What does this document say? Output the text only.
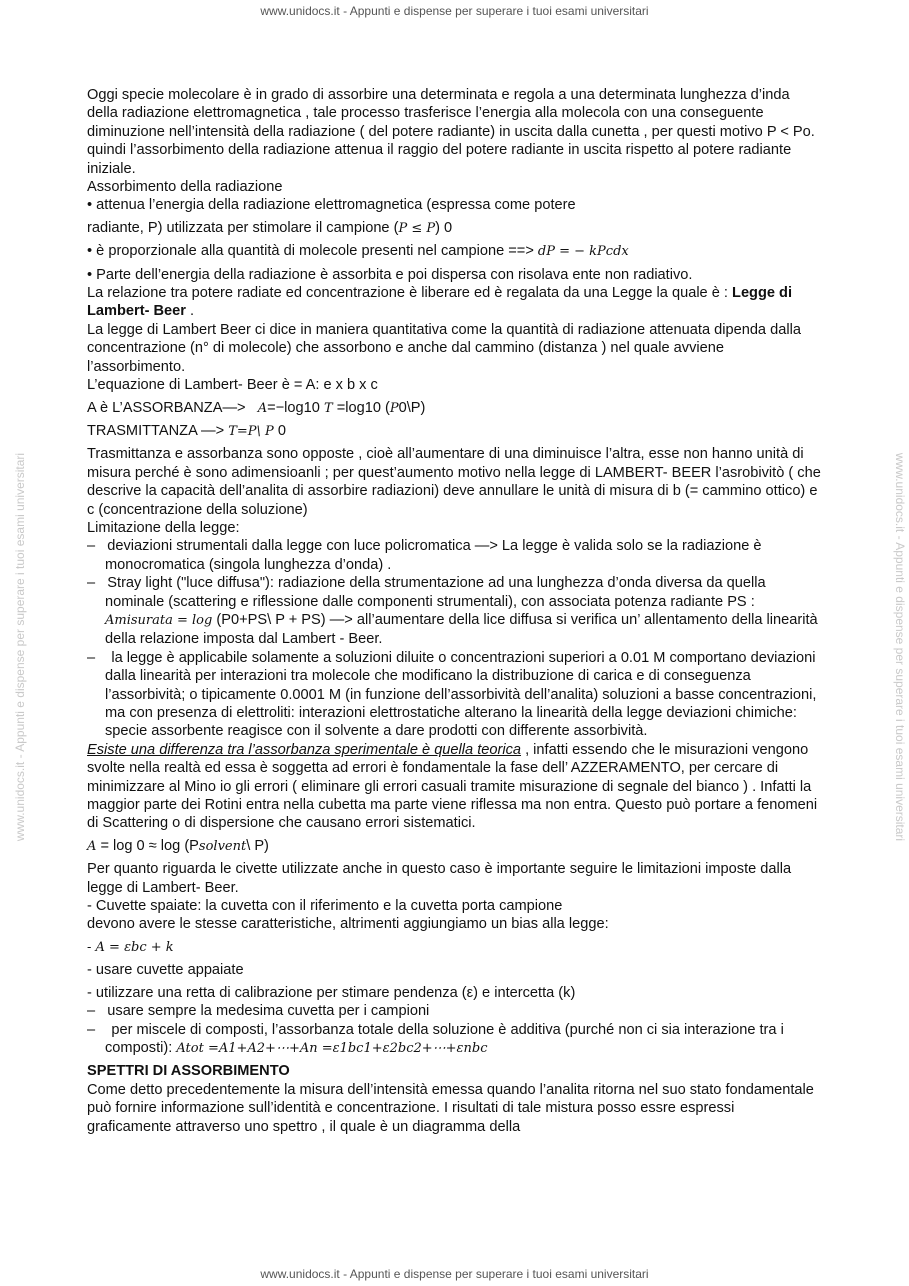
www.unidocs.it - Appunti e dispense per superare i tuoi esami universitari
www.unidocs.it - Appunti e dispense per superare i tuoi esami universitari	www.unidocs.it - Appunti e dispense per superare i tuoi esami universitari

Oggi specie molecolare è in grado di assorbire una determinata e regola a una determinata lunghezza d’inda della radiazione elettromagnetica , tale processo trasferisce l’energia alla molecola con una conseguente diminuzione nell’intensità della radiazione ( del potere radiante) in uscita dalla cunetta , per questi motivo P < Po. quindi l’assorbimento della radiazione attenua il raggio del potere radiante in uscita rispetto al potere radiante iniziale.

Assorbimento della radiazione

• attenua l’energia della radiazione elettromagnetica (espressa come potere

radiante, P) utilizzata per stimolare il campione (P ≤ P) 0

• è proporzionale alla quantità di molecole presenti nel campione ==> dP = − kPcdx

• Parte dell’energia della radiazione è assorbita e poi dispersa con risolava ente non radiativo.

La relazione tra potere radiate ed concentrazione è liberare ed è regalata da una Legge la quale è : Legge di Lambert- Beer .

La legge di Lambert Beer ci dice in maniera quantitativa come la quantità di radiazione attenuata dipenda dalla concentrazione (n° di molecole) che assorbono e anche dal cammino (distanza ) nel quale avviene l’assorbimento.

L’equazione di Lambert- Beer è = A: e x b x c

A è L’ASSORBANZA—> A=−log10 T =log10 (P0\P)

TRASMITTANZA —> T=P\ P 0

Trasmittanza e assorbanza sono opposte , cioè all’aumentare di una diminuisce l’altra, esse non hanno unità di misura perché è sono adimensioanli ; per quest’aumento motivo nella legge di LAMBERT- BEER l’asrobivitò ( che descrive la capacità dell’analita di assorbire radiazioni) deve annullare le unità di misura di b (= cammino ottico) e c (concentrazione della soluzione)

Limitazione della legge:

–   deviazioni strumentali dalla legge con luce policromatica —> La legge è valida solo se la radiazione è monocromatica (singola lunghezza d’onda) .

–   Stray light ("luce diffusa"): radiazione della strumentazione ad una lunghezza d’onda diversa da quella nominale (scattering e riflessione dalle componenti strumentali), con associata potenza radiante PS : Amisurata = log (P0+PS\ P + PS) —> all’aumentare della lice diffusa si verifica un’ allentamento della linearità della relazione imposta dal Lambert - Beer.

–    la legge è applicabile solamente a soluzioni diluite o concentrazioni superiori a 0.01 M comportano deviazioni dalla linearità per interazioni tra molecole che modificano la distribuzione di carica e di conseguenza l’assorbività; o tipicamente 0.0001 M (in funzione dell’assorbività dell’analita) soluzioni a basse concentrazioni, ma con presenza di elettroliti: interazioni elettrostatiche alterano la linearità della legge deviazioni chimiche: specie assorbente reagisce con il solvente a dare prodotti con differente assorbività.

Esiste una differenza tra l’assorbanza sperimentale è quella teorica , infatti essendo che le misurazioni vengono svolte nella realtà ed essa è soggetta ad errori è fondamentale la fase dell’ AZZERAMENTO, per cercare di minimizzare al Mino io gli errori ( eliminare gli errori casuali tramite misurazione di segnale del bianco ) . Infatti la maggior parte dei Rotini entra nella cubetta ma parte viene riflessa ma non entra. Questo può portare a fenomeni di Scattering o di dispersione che causano errori sistematici.

A = log 0 ≈ log (Psolvent\ P)

Per quanto riguarda le civette utilizzate anche in questo caso è importante seguire le limitazioni imposte dalla legge di Lambert- Beer.

- Cuvette spaiate: la cuvetta con il riferimento e la cuvetta porta campione

devono avere le stesse caratteristiche, altrimenti aggiungiamo un bias alla legge:

- A = εbc + k

- usare cuvette appaiate

- utilizzare una retta di calibrazione per stimare pendenza (ε) e intercetta (k)

–   usare sempre la medesima cuvetta per i campioni

–    per miscele di composti, l’assorbanza totale della soluzione è additiva (purché non ci sia interazione tra i composti): Atot =A1+A2+⋯+An =ε1bc1+ε2bc2+⋯+εnbc

SPETTRI DI ASSORBIMENTO

Come detto precedentemente la misura dell’intensità emessa quando l’analita ritorna nel suo stato fondamentale può fornire informazione sull’identità e concentrazione. I risultati di tale mistura posso essre espressi graficamente attraverso uno spettro , il quale è un diagramma della

www.unidocs.it - Appunti e dispense per superare i tuoi esami universitari
